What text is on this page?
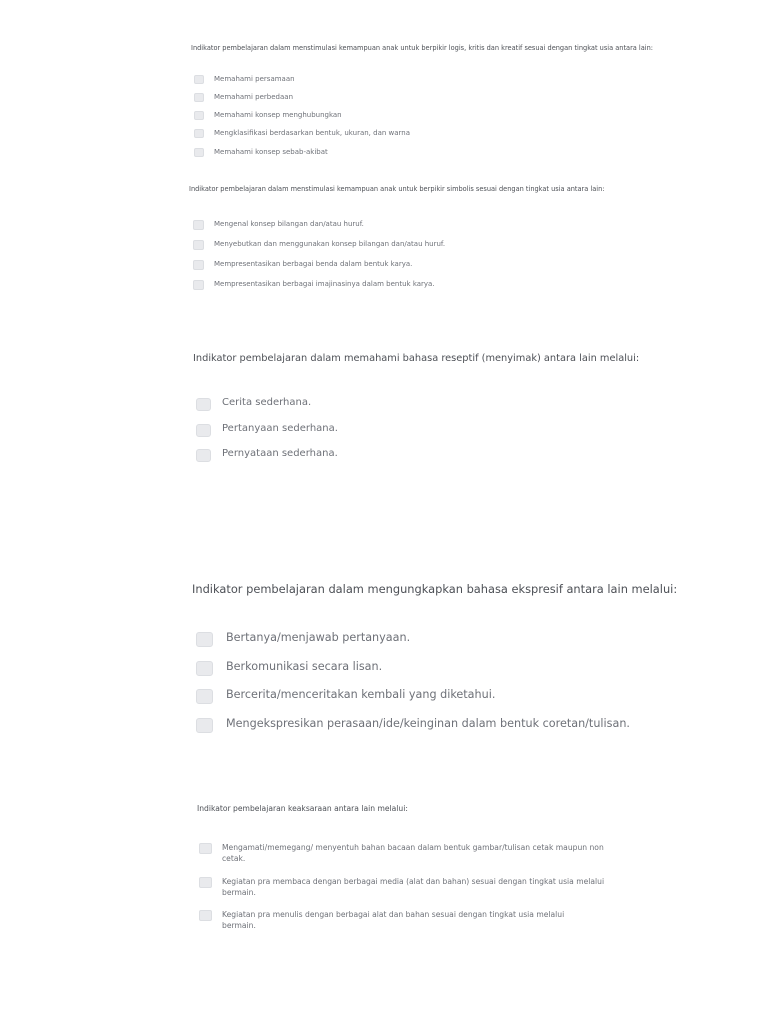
Indikator pembelajaran dalam menstimulasi kemampuan anak untuk berpikir logis, kritis dan kreatif sesuai dengan tingkat usia antara lain:
Memahami persamaan
Memahami perbedaan
Memahami konsep menghubungkan
Mengklasifikasi berdasarkan bentuk, ukuran, dan warna
Memahami konsep sebab-akibat
Indikator pembelajaran dalam menstimulasi kemampuan anak untuk berpikir simbolis sesuai dengan tingkat usia antara lain:
Mengenal konsep bilangan dan/atau huruf.
Menyebutkan dan menggunakan konsep bilangan dan/atau huruf.
Mempresentasikan berbagai benda dalam bentuk karya.
Mempresentasikan berbagai imajinasinya dalam bentuk karya.
Indikator pembelajaran dalam memahami bahasa reseptif (menyimak) antara lain melalui:
Cerita sederhana.
Pertanyaan sederhana.
Pernyataan sederhana.
Indikator pembelajaran dalam mengungkapkan bahasa ekspresif antara lain melalui:
Bertanya/menjawab pertanyaan.
Berkomunikasi secara lisan.
Bercerita/menceritakan kembali yang diketahui.
Mengekspresikan perasaan/ide/keinginan dalam bentuk coretan/tulisan.
Indikator pembelajaran keaksaraan antara lain melalui:
Mengamati/memegang/ menyentuh bahan bacaan dalam bentuk gambar/tulisan cetak maupun non cetak.
Kegiatan pra membaca dengan berbagai media (alat dan bahan) sesuai dengan tingkat usia melalui bermain.
Kegiatan pra menulis dengan berbagai alat dan bahan sesuai dengan tingkat usia melalui bermain.
